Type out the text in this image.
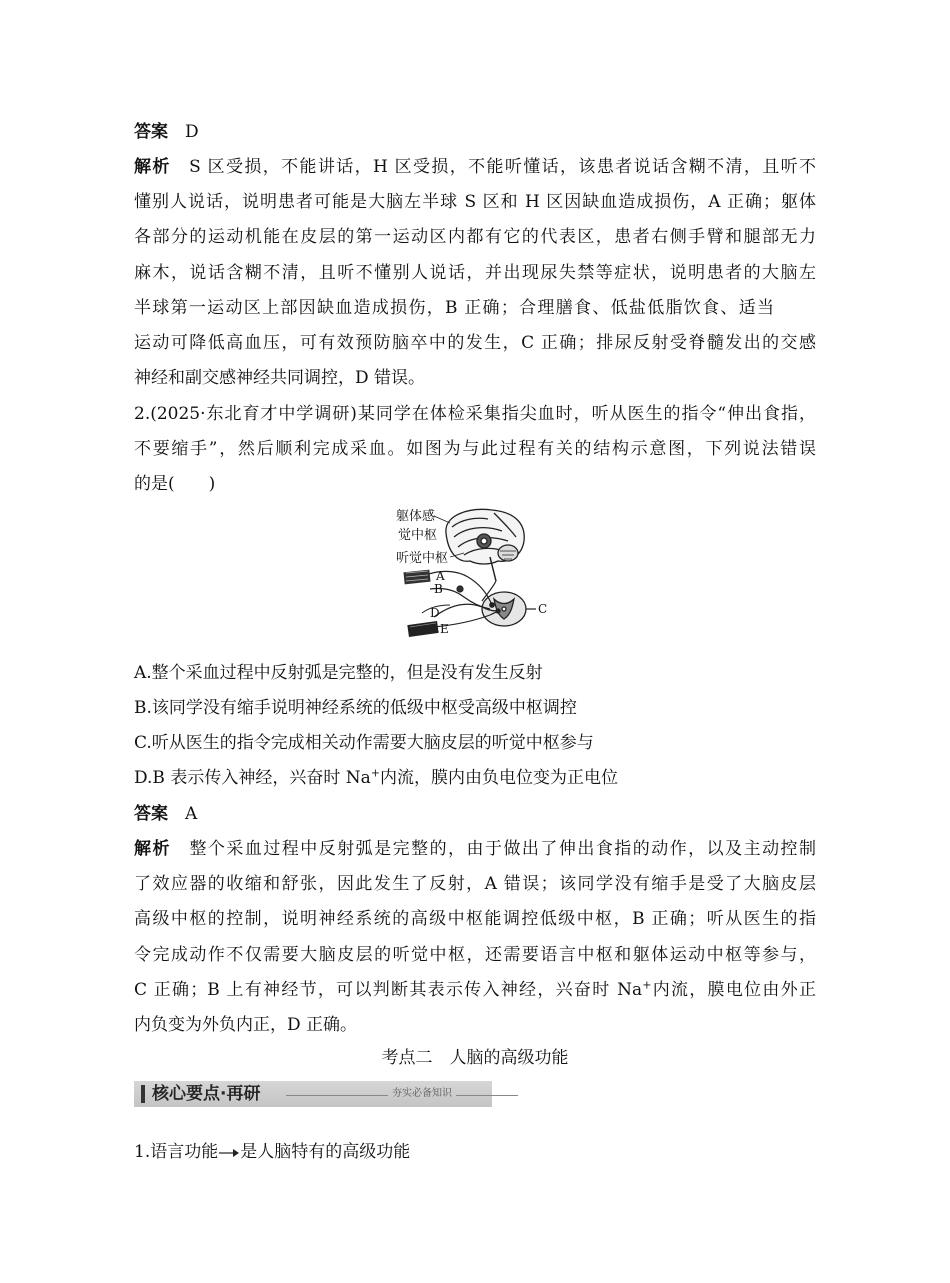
答案　 D
解析　 S 区受损，不能讲话，H 区受损，不能听懂话，该患者说话含糊不清，且听不
懂别人说话，说明患者可能是大脑左半球 S 区和 H 区因缺血造成损伤，A 正确；躯体
各部分的运动机能在皮层的第一运动区内都有它的代表区，患者右侧手臂和腿部无力
麻木，说话含糊不清，且听不懂别人说话，并出现尿失禁等症状，说明患者的大脑左
半球第一运动区上部因缺血造成损伤，B 正确；合理膳食、低盐低脂饮食、适当
运动可降低高血压，可有效预防脑卒中的发生，C 正确；排尿反射受脊髓发出的交感
神经和副交感神经共同调控，D 错误。
2.(2025·东北育才中学调研)某同学在体检采集指尖血时，听从医生的指令“伸出食指，
不要缩手”，然后顺利完成采血。如图为与此过程有关的结构示意图，下列说法错误
的是(　　)
躯体感
觉中枢
听觉中枢
A
B
C
D
E
A.整个采血过程中反射弧是完整的，但是没有发生反射
B.该同学没有缩手说明神经系统的低级中枢受高级中枢调控
C.听从医生的指令完成相关动作需要大脑皮层的听觉中枢参与
D.B 表示传入神经，兴奋时 Na+内流，膜内由负电位变为正电位
答案　 A
解析　 整个采血过程中反射弧是完整的，由于做出了伸出食指的动作，以及主动控制
了效应器的收缩和舒张，因此发生了反射，A 错误；该同学没有缩手是受了大脑皮层
高级中枢的控制，说明神经系统的高级中枢能调控低级中枢，B 正确；听从医生的指
令完成动作不仅需要大脑皮层的听觉中枢，还需要语言中枢和躯体运动中枢等参与，
C 正确；B 上有神经节，可以判断其表示传入神经，兴奋时 Na+内流，膜电位由外正
内负变为外负内正，D 正确。
考点二　人脑的高级功能
核心要点·再研	夯实必备知识
1.语言功能 是人脑特有的高级功能
